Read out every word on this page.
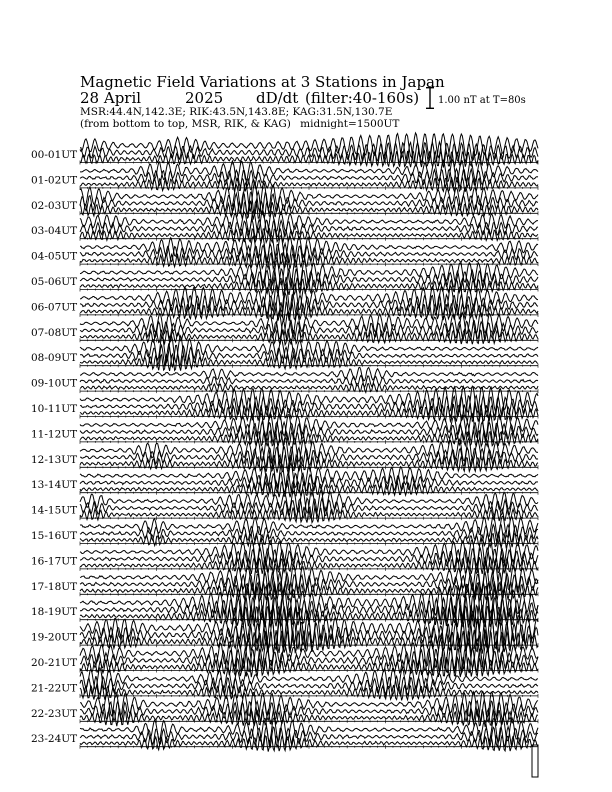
Magnetic Field Variations at 3 Stations in Japan
28 April	2025 dD/dt (filter:40-160s)
MSR:44.4N,142.3E; RIK:43.5N,143.8E; KAG:31.5N,130.7E
(from bottom to top, MSR, RIK, & KAG) midnight=1500UT
1.00 nT at T=80s
00-01UT
01-02UT
02-03UT
03-04UT
04-05UT
05-06UT
06-07UT
07-08UT
08-09UT
09-10UT
10-11UT
11-12UT
12-13UT
13-14UT
14-15UT
15-16UT
16-17UT
17-18UT
18-19UT
19-20UT
20-21UT
21-22UT
22-23UT
23-24UT
